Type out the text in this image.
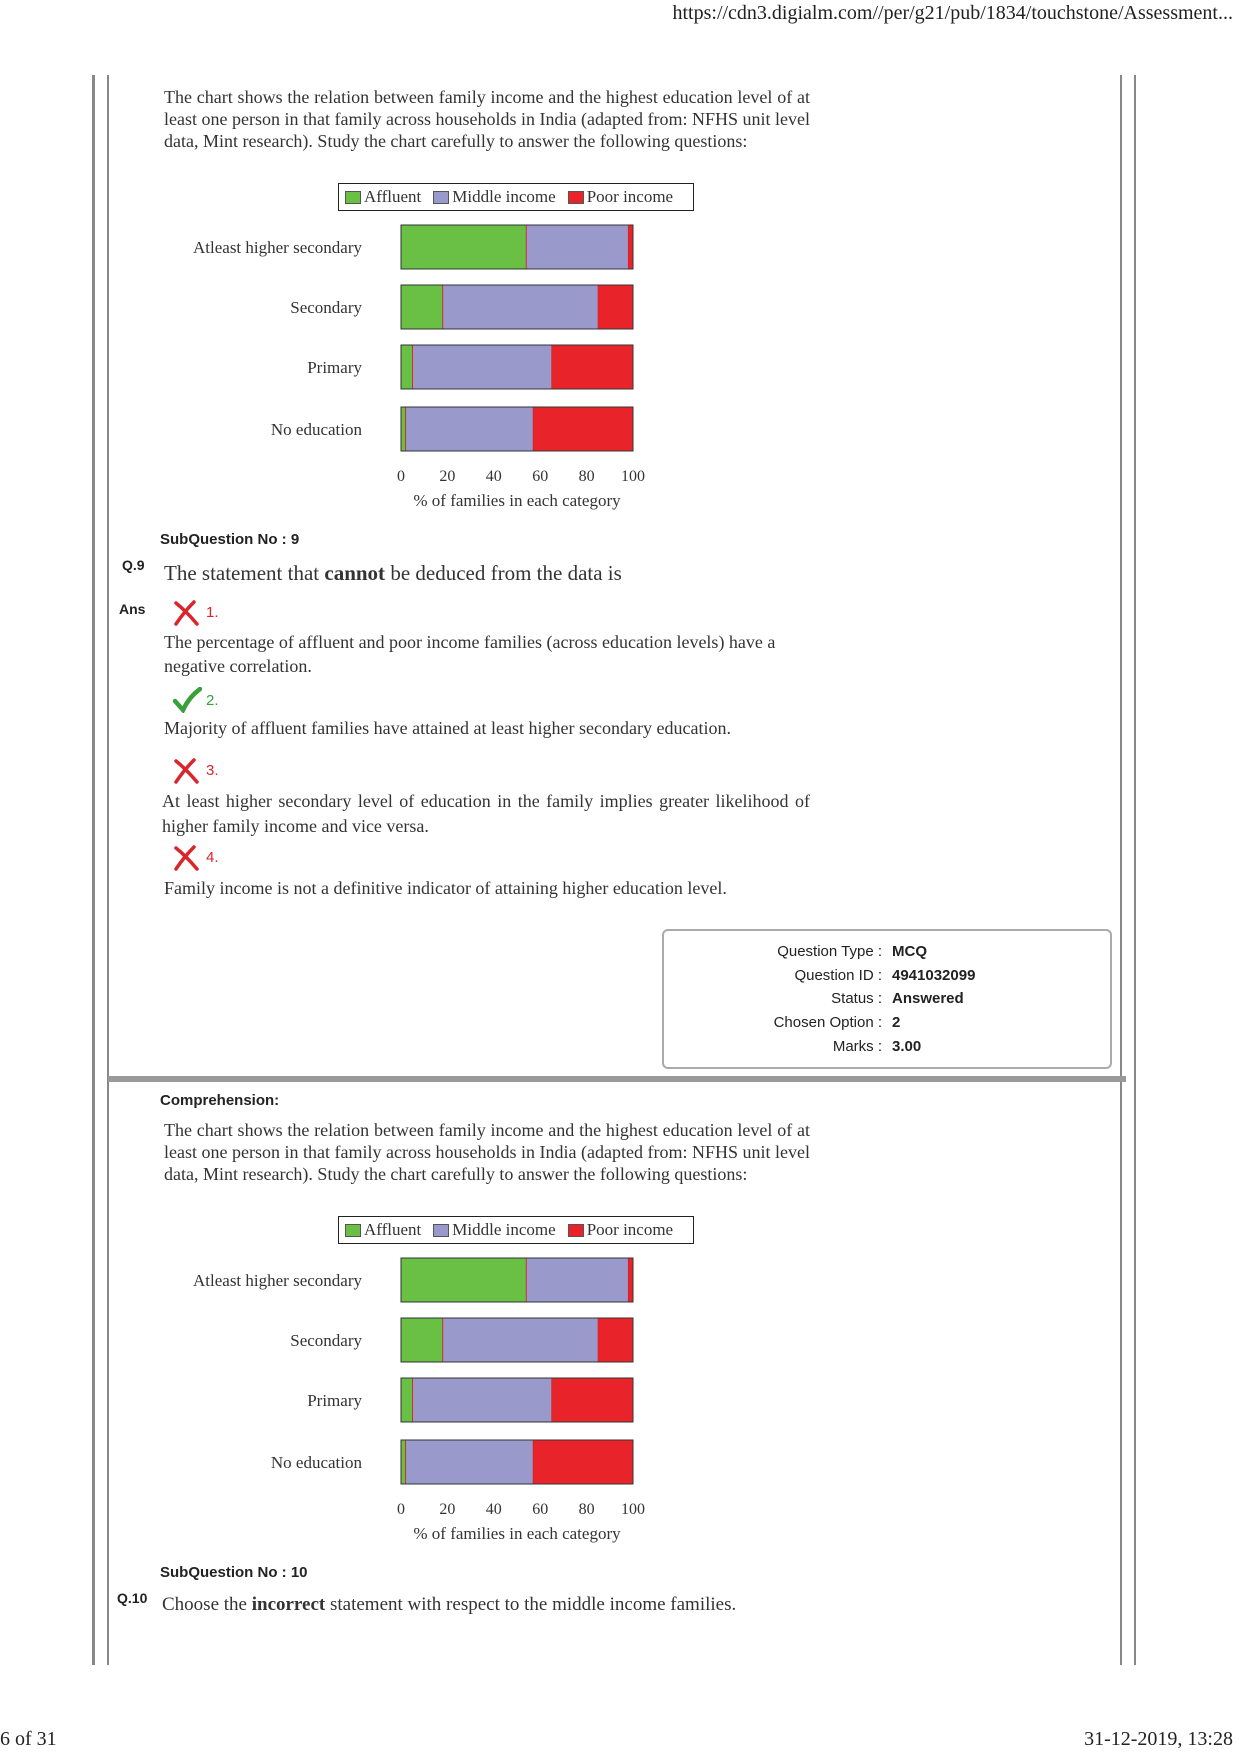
https://cdn3.digialm.com//per/g21/pub/1834/touchstone/Assessment...
The chart shows the relation between family income and the highest education level of at least one person in that family across households in India (adapted from: NFHS unit level data, Mint research). Study the chart carefully to answer the following questions:
Affluent Middle income Poor income
Atleast higher secondary
Secondary
Primary
No education
0 20 40 60 80 100
% of families in each category
SubQuestion No : 9
Q.9 The statement that cannot be deduced from the data is
Ans	1.
The percentage of affluent and poor income families (across education levels) have a negative correlation.
2.
Majority of affluent families have attained at least higher secondary education.
3.
At least higher secondary level of education in the family implies greater likelihood of higher family income and vice versa.
4.
Family income is not a definitive indicator of attaining higher education level.
Question Type : MCQ
Question ID : 4941032099
Status : Answered
Chosen Option : 2
Marks : 3.00
Comprehension:
The chart shows the relation between family income and the highest education level of at least one person in that family across households in India (adapted from: NFHS unit level data, Mint research). Study the chart carefully to answer the following questions:
Affluent Middle income Poor income
Atleast higher secondary
Secondary
Primary
No education
0 20 40 60 80 100
% of families in each category
SubQuestion No : 10
Q.10 Choose the incorrect statement with respect to the middle income families.
6 of 31	31-12-2019, 13:28
